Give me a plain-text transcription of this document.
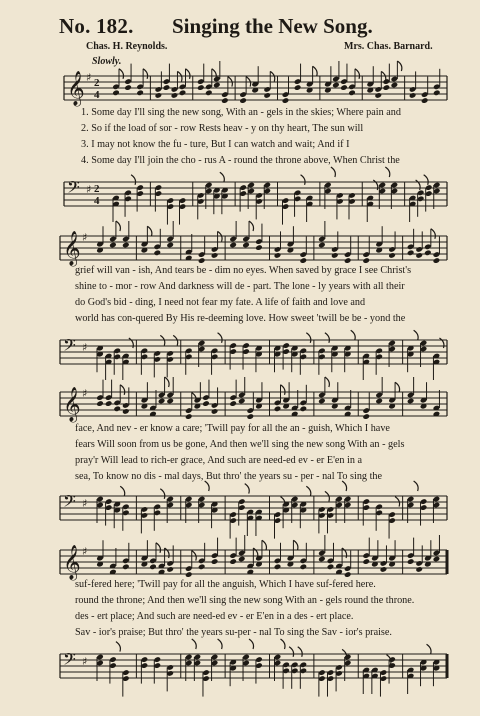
No. 182. Singing the New Song.
Chas. H. Reynolds.	Mrs. Chas. Barnard.
Slowly.
𝄞 ♯ 2
4
1. Some day I'll sing the new song, With an - gels in the skies; Where pain and
2. So if the load of sor - row Rests heav - y on thy heart, The sun will
3. I may not know the fu - ture, But I can watch and wait; And if I
4. Some day I'll join the cho - rus A - round the throne above, When Christ the
𝄢 ♯ 2
4
𝄞 ♯
grief will van - ish, And tears be - dim no eyes. When saved by grace I see Christ's
shine to - mor - row And darkness will de - part. The lone - ly years with all their
do God's bid - ding, I need not fear my fate. A life of faith and love and
world has con-quered By His re-deeming love. How sweet 'twill be be - yond the
𝄢 ♯
𝄞 ♯
face, And nev - er know a care; 'Twill pay for all the an - guish, Which I have
fears Will soon from us be gone, And then we'll sing the new song With an - gels
pray'r Will lead to rich-er grace, And such are need-ed ev - er E'en in a
sea, To know no dis - mal days, But thro' the years su - per - nal To sing the
𝄢 ♯
𝄞 ♯
suf-fered here; 'Twill pay for all the anguish, Which I have suf-fered here.
round the throne; And then we'll sing the new song With an - gels round the throne.
des - ert place; And such are need-ed ev - er E'en in a des - ert place.
Sav - ior's praise; But thro' the years su-per - nal To sing the Sav - ior's praise.
𝄢 ♯
